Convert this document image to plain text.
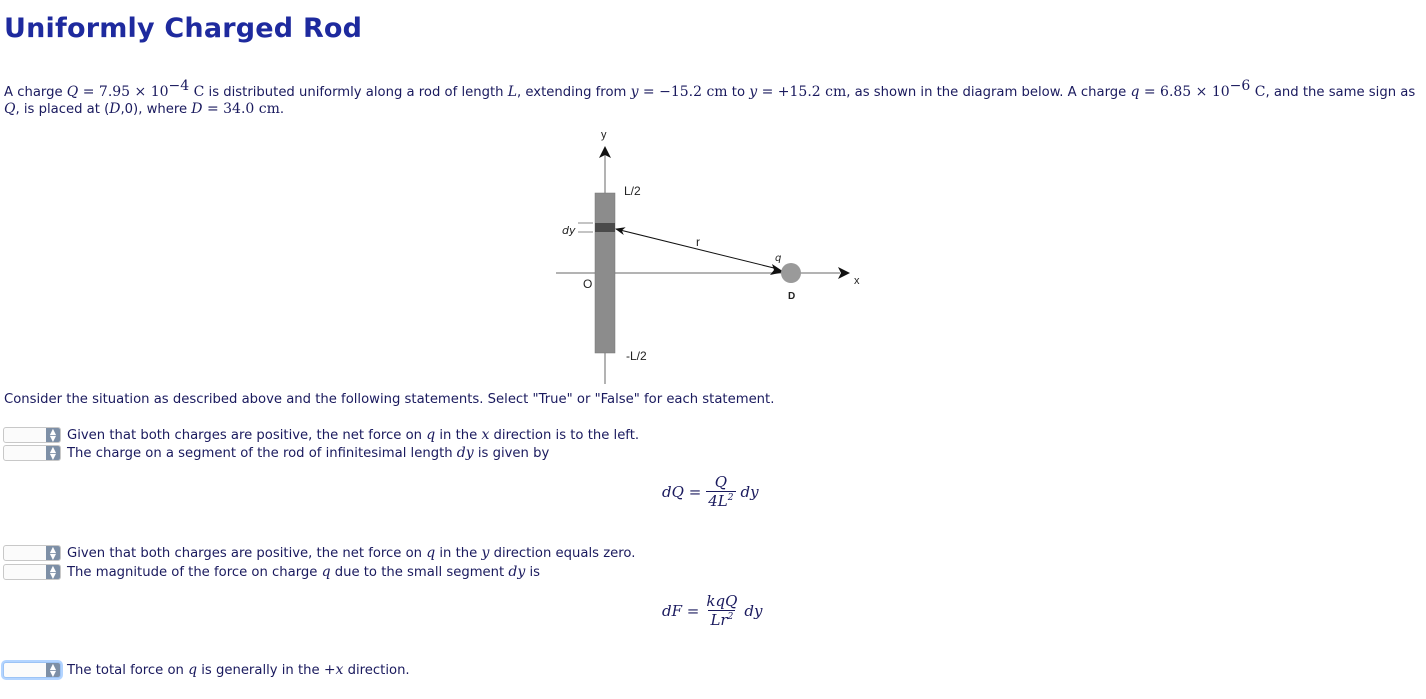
Uniformly Charged Rod
A charge $Q = 7.95 \times 10^{-4}$ C is distributed uniformly along a rod of length L, extending from y = −15.2 cm to y = +15.2 cm, as shown in the diagram below. A charge $q = 6.85 \times 10^{-6}$ C, and the same sign as Q, is placed at (D,0), where D = 34.0 cm.
y
x
dy
L/2
-L/2
O
r
q
D
Consider the situation as described above and the following statements. Select "True" or "False" for each statement.
▲
▼ Given that both charges are positive, the net force on q in the x direction is to the left.
▲
▼ The charge on a segment of the rod of infinitesimal length dy is given by
dQ
= $\frac{Q}{4L^2}$ dy
▲
▼ Given that both charges are positive, the net force on q in the y direction equals zero.
▲
▼ The magnitude of the force on charge q due to the small segment dy is
dF
= $\frac{\text{kqQ}}{Lr^2}$ dy
▲
▼ The total force on q is generally in the +x direction.
